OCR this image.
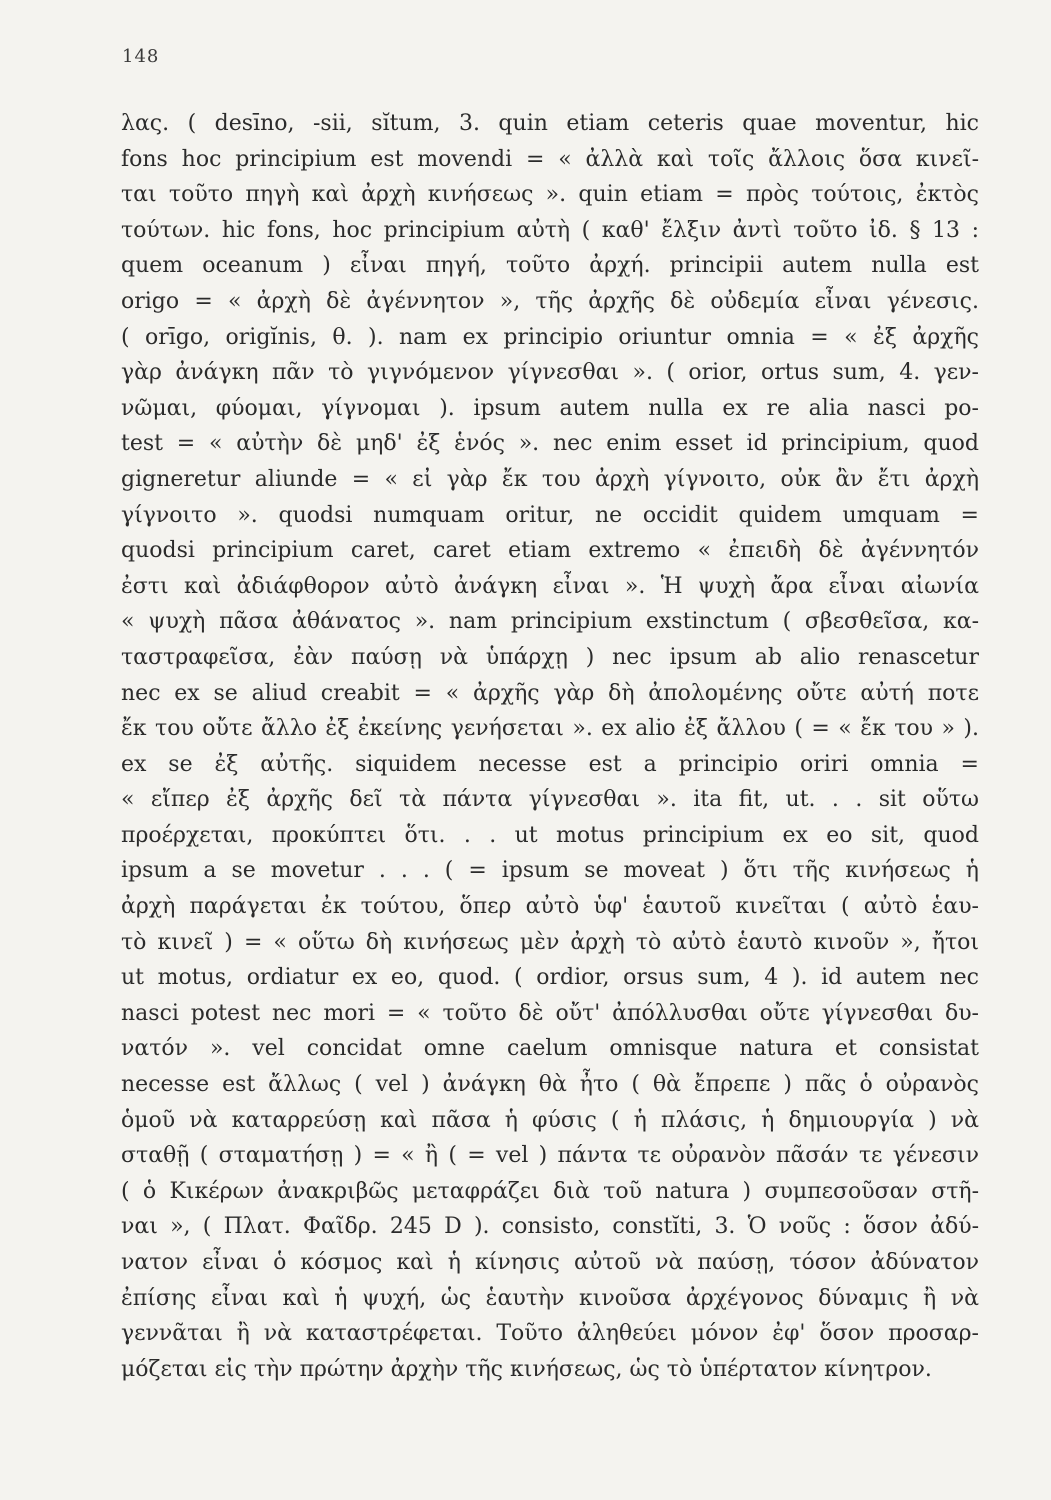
148
λας. ( desīno, -sii, sĭtum, 3. quin etiam ceteris quae moventur, hic
fons hoc principium est movendi = « ἀλλὰ καὶ τοῖς ἄλλοις ὅσα κινεῖ-
ται τοῦτο πηγὴ καὶ ἀρχὴ κινήσεως ». quin etiam = πρὸς τούτοις, ἐκτὸς
τούτων. hic fons, hoc principium αὐτὴ ( καθ' ἔλξιν ἀντὶ τοῦτο ἰδ. § 13 :
quem oceanum ) εἶναι πηγή, τοῦτο ἀρχή. principii autem nulla est
origo = « ἀρχὴ δὲ ἀγέννητον », τῆς ἀρχῆς δὲ οὐδεμία εἶναι γένεσις.
( orīgo, origĭnis, θ. ). nam ex principio oriuntur omnia = « ἐξ ἀρχῆς
γὰρ ἀνάγκη πᾶν τὸ γιγνόμενον γίγνεσθαι ». ( orior, ortus sum, 4. γεν-
νῶμαι, φύομαι, γίγνομαι ). ipsum autem nulla ex re alia nasci po-
test = « αὐτὴν δὲ μηδ' ἐξ ἑνός ». nec enim esset id principium, quod
gigneretur aliunde = « εἰ γὰρ ἔκ του ἀρχὴ γίγνοιτο, οὐκ ἂν ἔτι ἀρχὴ
γίγνοιτο ». quodsi numquam oritur, ne occidit quidem umquam =
quodsi principium caret, caret etiam extremo « ἐπειδὴ δὲ ἀγέννητόν
ἐστι καὶ ἀδιάφθορον αὐτὸ ἀνάγκη εἶναι ». Ἡ ψυχὴ ἄρα εἶναι αἰωνία
« ψυχὴ πᾶσα ἀθάνατος ». nam principium exstinctum ( σβεσθεῖσα, κα-
ταστραφεῖσα, ἐὰν παύσῃ νὰ ὑπάρχῃ ) nec ipsum ab alio renascetur
nec ex se aliud creabit = « ἀρχῆς γὰρ δὴ ἀπολομένης οὔτε αὐτή ποτε
ἔκ του οὔτε ἄλλο ἐξ ἐκείνης γενήσεται ». ex alio ἐξ ἄλλου ( = « ἔκ του » ).
ex se ἐξ αὐτῆς. siquidem necesse est a principio oriri omnia =
« εἴπερ ἐξ ἀρχῆς δεῖ τὰ πάντα γίγνεσθαι ». ita fit, ut. . . sit οὕτω
προέρχεται, προκύπτει ὅτι. . . ut motus principium ex eo sit, quod
ipsum a se movetur . . . ( = ipsum se moveat ) ὅτι τῆς κινήσεως ἡ
ἀρχὴ παράγεται ἐκ τούτου, ὅπερ αὐτὸ ὑφ' ἑαυτοῦ κινεῖται ( αὐτὸ ἑαυ-
τὸ κινεῖ ) = « οὕτω δὴ κινήσεως μὲν ἀρχὴ τὸ αὐτὸ ἑαυτὸ κινοῦν », ἤτοι
ut motus, ordiatur ex eo, quod. ( ordior, orsus sum, 4 ). id autem nec
nasci potest nec mori = « τοῦτο δὲ οὔτ' ἀπόλλυσθαι οὔτε γίγνεσθαι δυ-
νατόν ». vel concidat omne caelum omnisque natura et consistat
necesse est ἄλλως ( vel ) ἀνάγκη θὰ ἦτο ( θὰ ἔπρεπε ) πᾶς ὁ οὐρανὸς
ὁμοῦ νὰ καταρρεύσῃ καὶ πᾶσα ἡ φύσις ( ἡ πλάσις, ἡ δημιουργία ) νὰ
σταθῇ ( σταματήσῃ ) = « ἢ ( = vel ) πάντα τε οὐρανὸν πᾶσάν τε γένεσιν
( ὁ Κικέρων ἀνακριβῶς μεταφράζει διὰ τοῦ natura ) συμπεσοῦσαν στῆ-
ναι », ( Πλατ. Φαῖδρ. 245 D ). consisto, constĭti, 3. Ὁ νοῦς : ὅσον ἀδύ-
νατον εἶναι ὁ κόσμος καὶ ἡ κίνησις αὐτοῦ νὰ παύσῃ, τόσον ἀδύνατον
ἐπίσης εἶναι καὶ ἡ ψυχή, ὡς ἑαυτὴν κινοῦσα ἀρχέγονος δύναμις ἢ νὰ
γεννᾶται ἢ νὰ καταστρέφεται. Τοῦτο ἀληθεύει μόνον ἐφ' ὅσον προσαρ-
μόζεται εἰς τὴν πρώτην ἀρχὴν τῆς κινήσεως, ὡς τὸ ὑπέρτατον κίνητρον.
